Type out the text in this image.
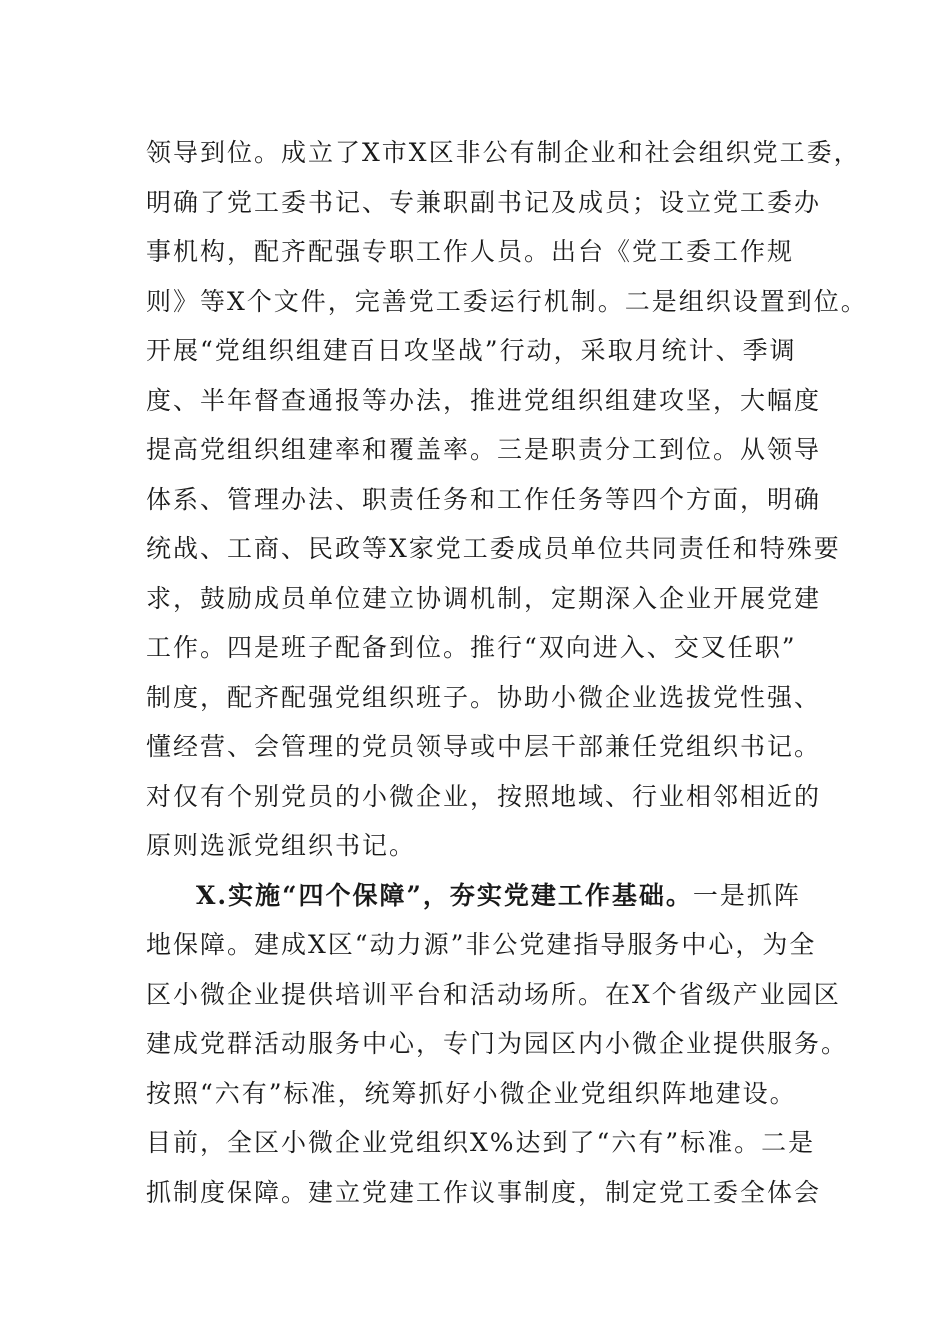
领导到位。成立了X市X区非公有制企业和社会组织党工委，
明确了党工委书记、专兼职副书记及成员；设立党工委办
事机构，配齐配强专职工作人员。出台《党工委工作规
则》等X个文件，完善党工委运行机制。二是组织设置到位。
开展“党组织组建百日攻坚战”行动，采取月统计、季调
度、半年督查通报等办法，推进党组织组建攻坚，大幅度
提高党组织组建率和覆盖率。三是职责分工到位。从领导
体系、管理办法、职责任务和工作任务等四个方面，明确
统战、工商、民政等X家党工委成员单位共同责任和特殊要
求，鼓励成员单位建立协调机制，定期深入企业开展党建
工作。四是班子配备到位。推行“双向进入、交叉任职”
制度，配齐配强党组织班子。协助小微企业选拔党性强、
懂经营、会管理的党员领导或中层干部兼任党组织书记。
对仅有个别党员的小微企业，按照地域、行业相邻相近的
原则选派党组织书记。
X.实施“四个保障”，夯实党建工作基础。一是抓阵
地保障。建成X区“动力源”非公党建指导服务中心，为全
区小微企业提供培训平台和活动场所。在X个省级产业园区
建成党群活动服务中心，专门为园区内小微企业提供服务。
按照“六有”标准，统筹抓好小微企业党组织阵地建设。
目前，全区小微企业党组织X%达到了“六有”标准。二是
抓制度保障。建立党建工作议事制度，制定党工委全体会
